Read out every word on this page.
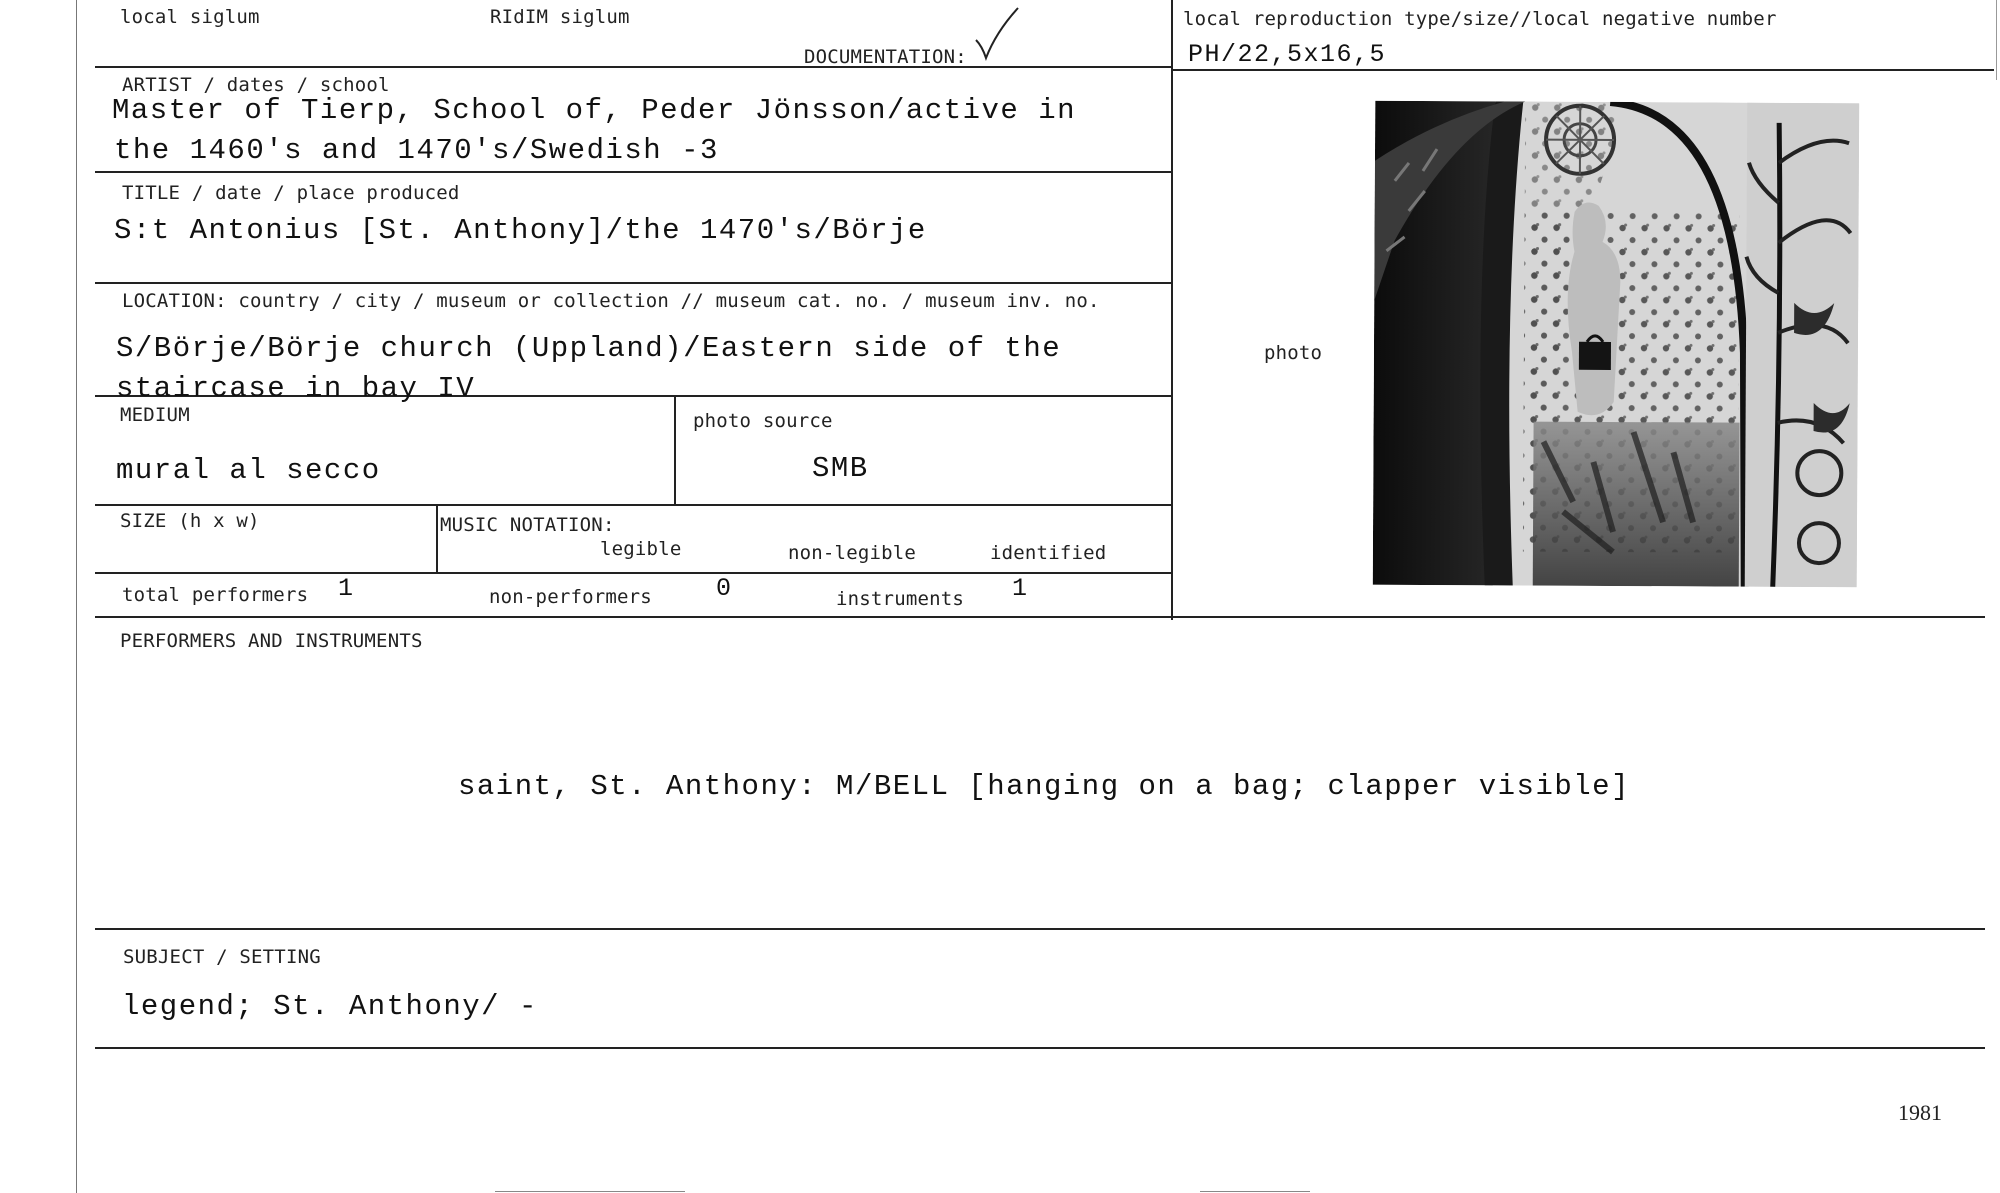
local siglum	RIdIM siglum
DOCUMENTATION:
local reproduction type/size//local negative number
PH/22,5x16,5
ARTIST / dates / school
Master of Tierp, School of, Peder Jönsson/active in
the 1460's and 1470's/Swedish -3
TITLE / date / place produced
S:t Antonius [St. Anthony]/the 1470's/Börje
LOCATION: country / city / museum or collection // museum cat. no. / museum inv. no.
S/Börje/Börje church (Uppland)/Eastern side of the
staircase in bay IV
MEDIUM
mural al secco
photo source
SMB
SIZE (h x w)	MUSIC NOTATION:
legible	non-legible	identified
total performers 1	non-performers	0	instruments 1
photo
PERFORMERS AND INSTRUMENTS
saint, St. Anthony: M/BELL [hanging on a bag; clapper visible]
SUBJECT / SETTING
legend; St. Anthony/ -
1981
